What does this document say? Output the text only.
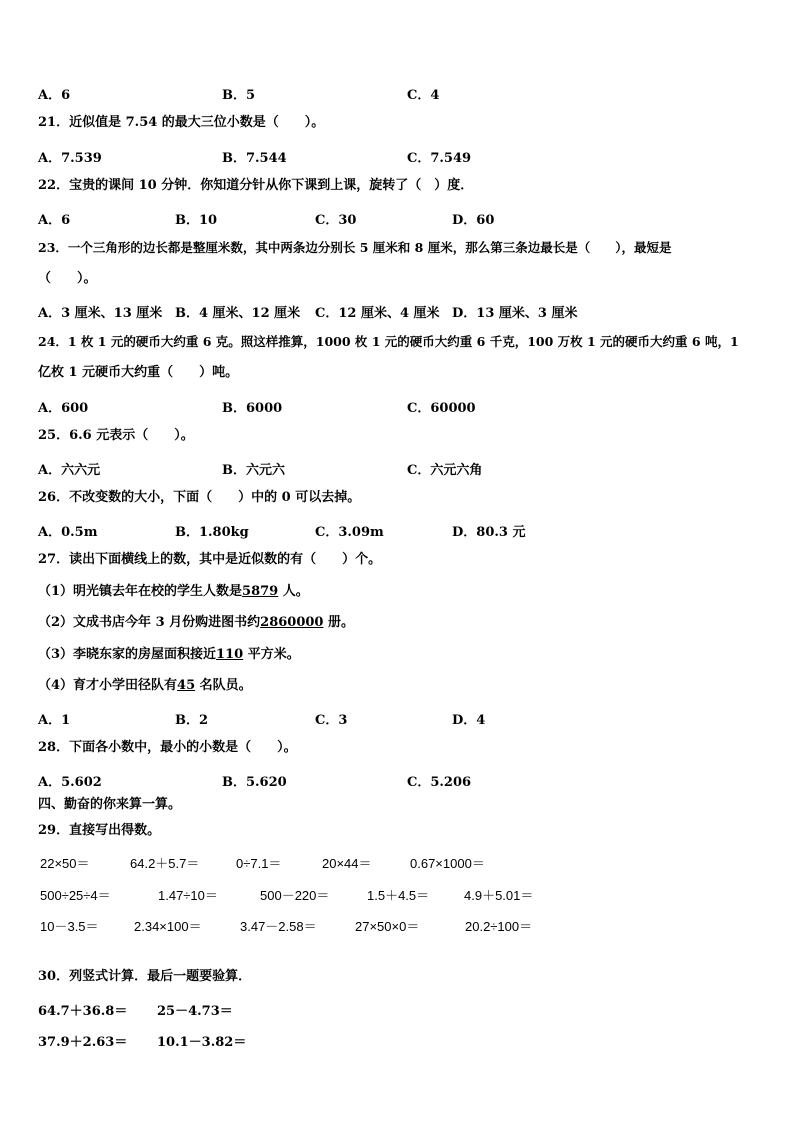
A．6	B．5	C．4
21．近似值是 7.54 的最大三位小数是（　　）。
A．7.539	B．7.544	C．7.549
22．宝贵的课间 10 分钟．你知道分针从你下课到上课，旋转了（　）度．
A．6	B．10	C．30	D．60
23．一个三角形的边长都是整厘米数，其中两条边分别长 5 厘米和 8 厘米，那么第三条边最长是（　　），最短是
（　　）。
A．3 厘米、13 厘米 B．4 厘米、12 厘米 C．12 厘米、4 厘米 D．13 厘米、3 厘米
24．1 枚 1 元的硬币大约重 6 克。照这样推算，1000 枚 1 元的硬币大约重 6 千克，100 万枚 1 元的硬币大约重 6 吨，1
亿枚 1 元硬币大约重（　　）吨。
A．600	B．6000	C．60000
25．6.6 元表示（　　）。
A．六六元	B．六元六	C．六元六角
26．不改变数的大小，下面（　　）中的 0 可以去掉。
A．0.5m	B．1.80kg	C．3.09m	D．80.3 元
27．读出下面横线上的数，其中是近似数的有（　　）个。
（1）明光镇去年在校的学生人数是5879 人。
（2）文成书店今年 3 月份购进图书约2860000 册。
（3）李晓东家的房屋面积接近110 平方米。
（4）育才小学田径队有45 名队员。
A．1	B．2	C．3	D．4
28．下面各小数中，最小的小数是（　　）。
A．5.602	B．5.620	C．5.206
四、勤奋的你来算一算。
29．直接写出得数。
22×50＝	64.2＋5.7＝	0÷7.1＝	20×44＝	0.67×1000＝
500÷25÷4＝	1.47÷10＝	500－220＝	1.5＋4.5＝	4.9＋5.01＝
10－3.5＝	2.34×100＝	3.47－2.58＝	27×50×0＝	20.2÷100＝
30．列竖式计算．最后一题要验算．
64.7＋36.8＝ 25－4.73＝
37.9＋2.63＝ 10.1－3.82＝
